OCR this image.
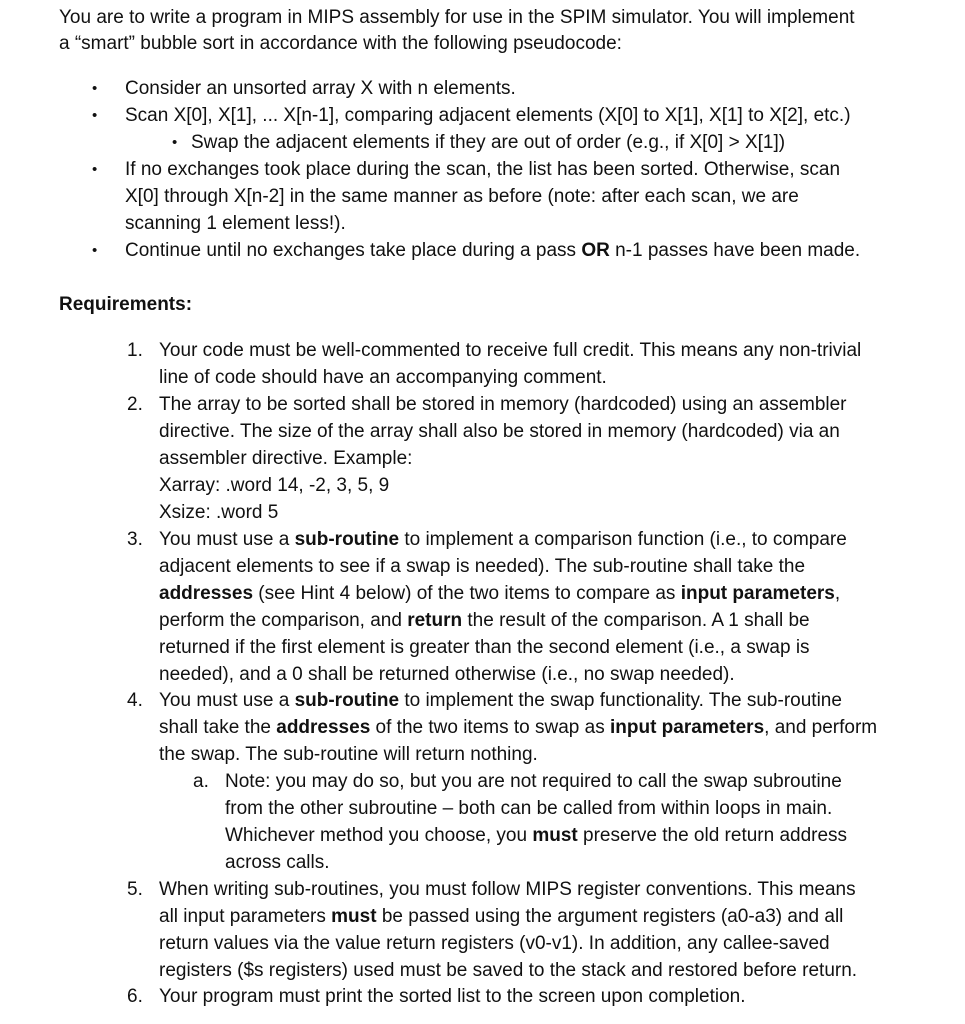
You are to write a program in MIPS assembly for use in the SPIM simulator. You will implement
a “smart” bubble sort in accordance with the following pseudocode:
• Consider an unsorted array X with n elements.
• Scan X[0], X[1], ... X[n-1], comparing adjacent elements (X[0] to X[1], X[1] to X[2], etc.)
• Swap the adjacent elements if they are out of order (e.g., if X[0] > X[1])
• If no exchanges took place during the scan, the list has been sorted. Otherwise, scan
X[0] through X[n-2] in the same manner as before (note: after each scan, we are
scanning 1 element less!).
• Continue until no exchanges take place during a pass OR n-1 passes have been made.
Requirements:
1. Your code must be well-commented to receive full credit. This means any non-trivial
line of code should have an accompanying comment.
2. The array to be sorted shall be stored in memory (hardcoded) using an assembler
directive. The size of the array shall also be stored in memory (hardcoded) via an
assembler directive. Example:
Xarray: .word 14, -2, 3, 5, 9
Xsize: .word 5
3. You must use a sub-routine to implement a comparison function (i.e., to compare
adjacent elements to see if a swap is needed). The sub-routine shall take the
addresses (see Hint 4 below) of the two items to compare as input parameters,
perform the comparison, and return the result of the comparison. A 1 shall be
returned if the first element is greater than the second element (i.e., a swap is
needed), and a 0 shall be returned otherwise (i.e., no swap needed).
4. You must use a sub-routine to implement the swap functionality. The sub-routine
shall take the addresses of the two items to swap as input parameters, and perform
the swap. The sub-routine will return nothing.
a. Note: you may do so, but you are not required to call the swap subroutine
from the other subroutine – both can be called from within loops in main.
Whichever method you choose, you must preserve the old return address
across calls.
5. When writing sub-routines, you must follow MIPS register conventions. This means
all input parameters must be passed using the argument registers (a0-a3) and all
return values via the value return registers (v0-v1). In addition, any callee-saved
registers ($s registers) used must be saved to the stack and restored before return.
6. Your program must print the sorted list to the screen upon completion.
